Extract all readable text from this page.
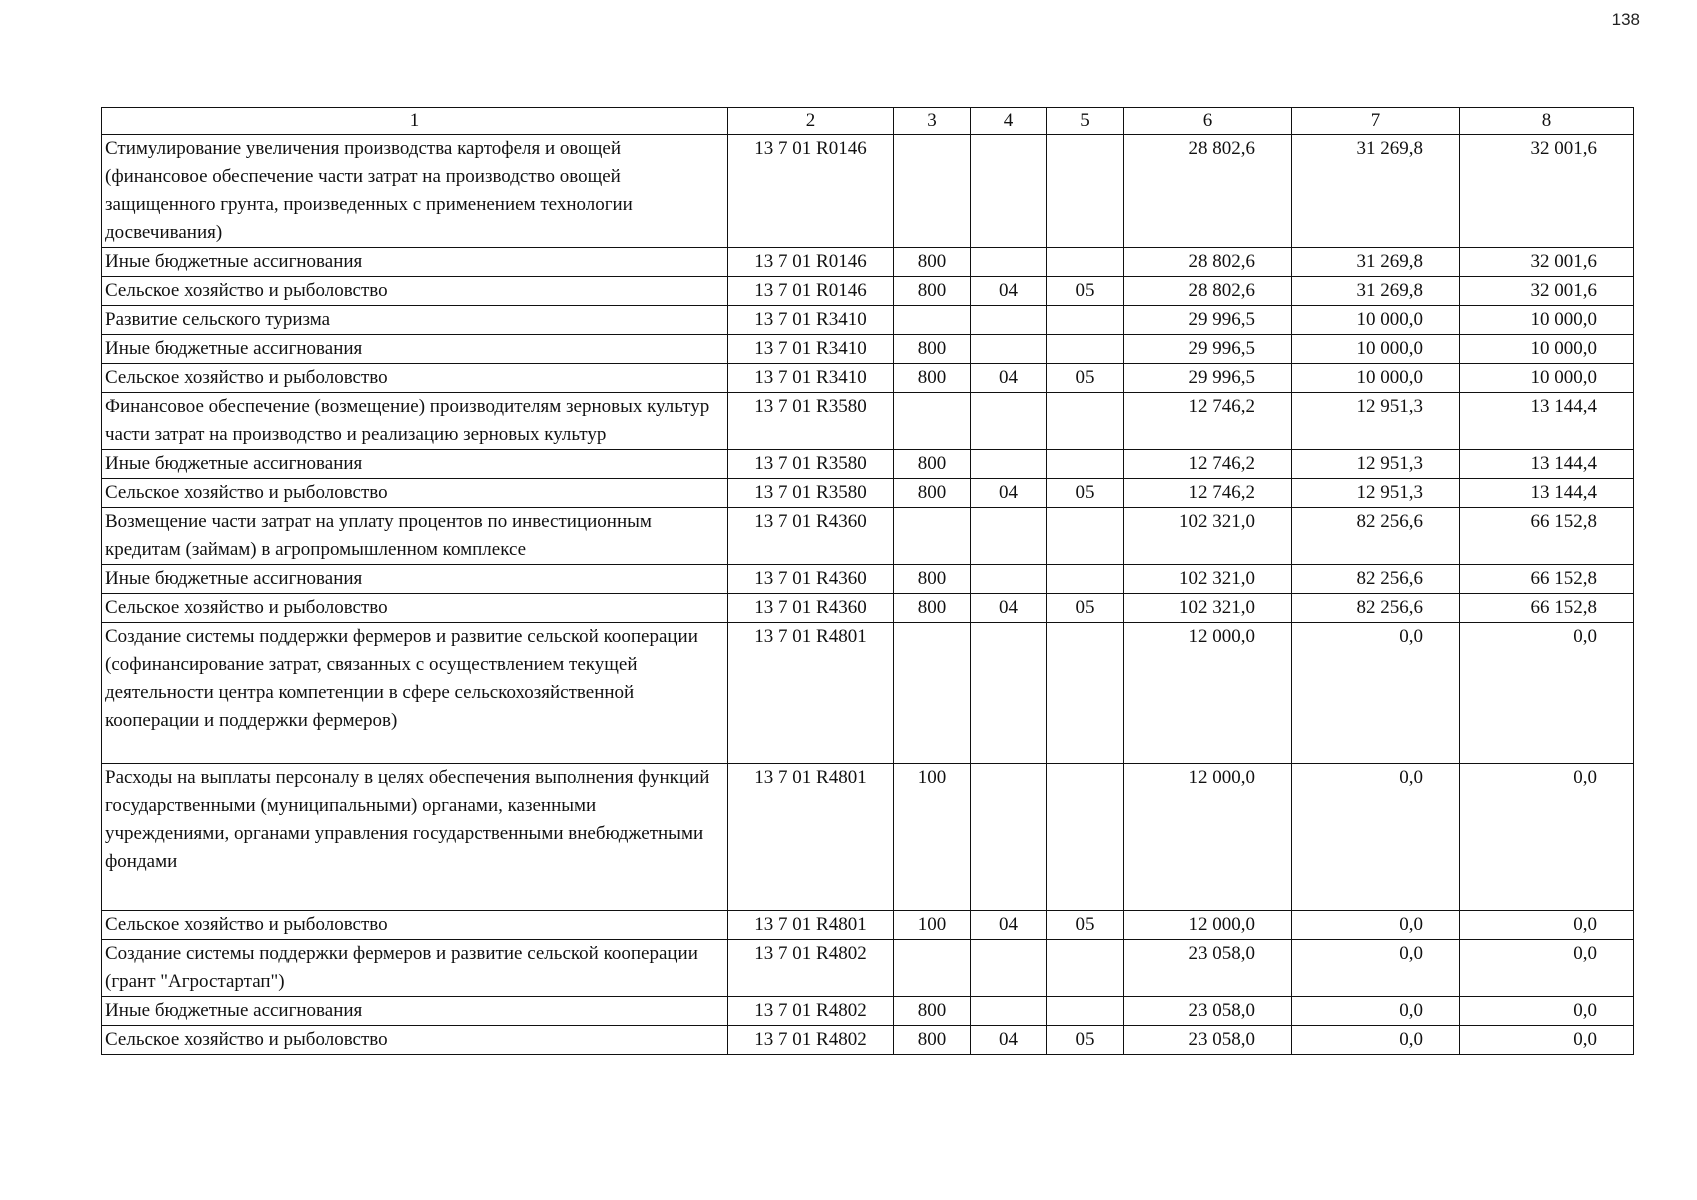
138
1	2	3	4	5	6	7	8
Стимулирование увеличения производства картофеля и овощей (финансовое обеспечение части затрат на производство овощей защищенного грунта, произведенных с применением технологии досвечивания)	13 7 01 R0146				28 802,6	31 269,8	32 001,6
Иные бюджетные ассигнования	13 7 01 R0146	800			28 802,6	31 269,8	32 001,6
Сельское хозяйство и рыболовство	13 7 01 R0146	800	04	05	28 802,6	31 269,8	32 001,6
Развитие сельского туризма	13 7 01 R3410				29 996,5	10 000,0	10 000,0
Иные бюджетные ассигнования	13 7 01 R3410	800			29 996,5	10 000,0	10 000,0
Сельское хозяйство и рыболовство	13 7 01 R3410	800	04	05	29 996,5	10 000,0	10 000,0
Финансовое обеспечение (возмещение) производителям зерновых культур части затрат на производство и реализацию зерновых культур	13 7 01 R3580				12 746,2	12 951,3	13 144,4
Иные бюджетные ассигнования	13 7 01 R3580	800			12 746,2	12 951,3	13 144,4
Сельское хозяйство и рыболовство	13 7 01 R3580	800	04	05	12 746,2	12 951,3	13 144,4
Возмещение части затрат на уплату процентов по инвестиционным кредитам (займам) в агропромышленном комплексе	13 7 01 R4360				102 321,0	82 256,6	66 152,8
Иные бюджетные ассигнования	13 7 01 R4360	800			102 321,0	82 256,6	66 152,8
Сельское хозяйство и рыболовство	13 7 01 R4360	800	04	05	102 321,0	82 256,6	66 152,8
Создание системы поддержки фермеров и развитие сельской кооперации (софинансирование затрат, связанных с осуществлением текущей деятельности центра компетенции в сфере сельскохозяйственной кооперации и поддержки фермеров)	13 7 01 R4801				12 000,0	0,0	0,0
Расходы на выплаты персоналу в целях обеспечения выполнения функций государственными (муниципальными) органами, казенными учреждениями, органами управления государственными внебюджетными фондами	13 7 01 R4801	100			12 000,0	0,0	0,0
Сельское хозяйство и рыболовство	13 7 01 R4801	100	04	05	12 000,0	0,0	0,0
Создание системы поддержки фермеров и развитие сельской кооперации (грант "Агростартап")	13 7 01 R4802				23 058,0	0,0	0,0
Иные бюджетные ассигнования	13 7 01 R4802	800			23 058,0	0,0	0,0
Сельское хозяйство и рыболовство	13 7 01 R4802	800	04	05	23 058,0	0,0	0,0
